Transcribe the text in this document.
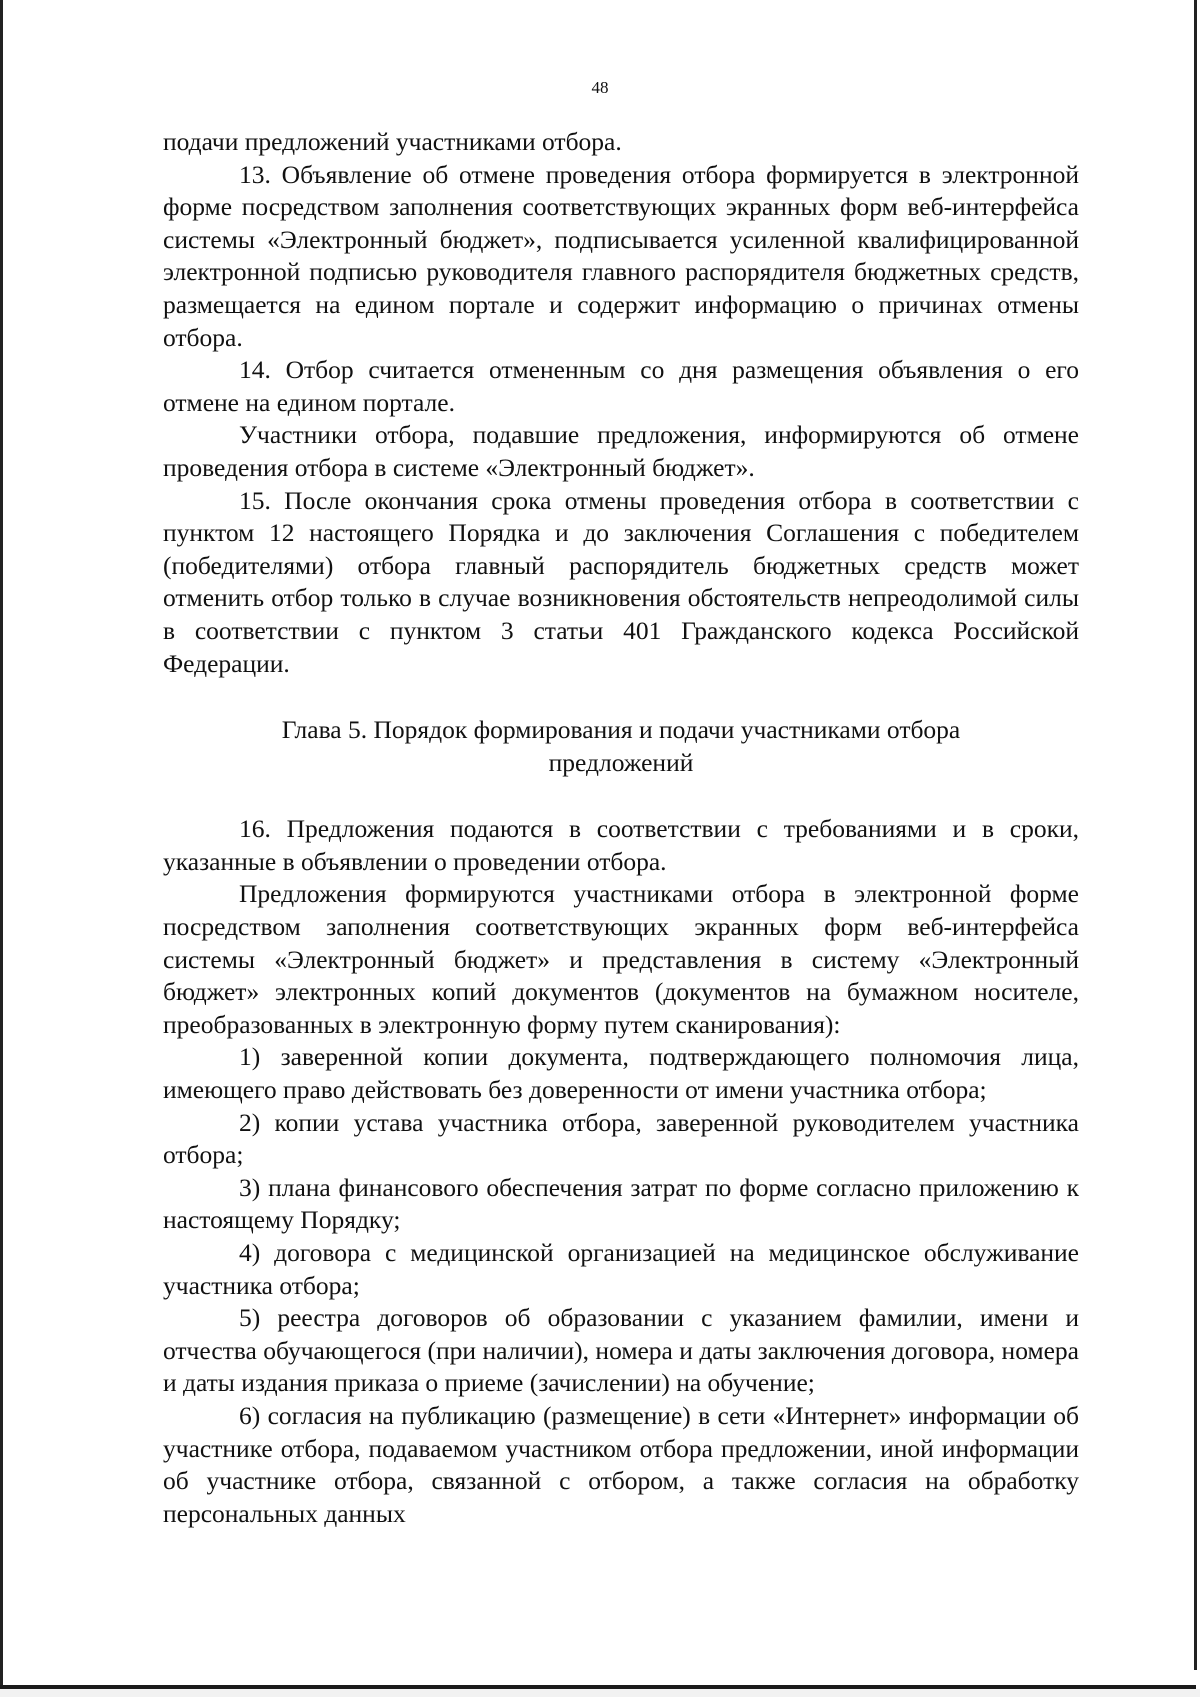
48

подачи предложений участниками отбора.

13. Объявление об отмене проведения отбора формируется в электронной форме посредством заполнения соответствующих экранных форм веб-интерфейса системы «Электронный бюджет», подписывается усиленной квалифицированной электронной подписью руководителя главного распорядителя бюджетных средств, размещается на едином портале и содержит информацию о причинах отмены отбора.

14. Отбор считается отмененным со дня размещения объявления о его отмене на едином портале.

Участники отбора, подавшие предложения, информируются об отмене проведения отбора в системе «Электронный бюджет».

15. После окончания срока отмены проведения отбора в соответствии с пунктом 12 настоящего Порядка и до заключения Соглашения с победителем (победителями) отбора главный распорядитель бюджетных средств может отменить отбор только в случае возникновения обстоятельств непреодолимой силы в соответствии с пунктом 3 статьи 401 Гражданского кодекса Российской Федерации.

Глава 5. Порядок формирования и подачи участниками отбора

предложений

16. Предложения подаются в соответствии с требованиями и в сроки, указанные в объявлении о проведении отбора.

Предложения формируются участниками отбора в электронной форме посредством заполнения соответствующих экранных форм веб-интерфейса системы «Электронный бюджет» и представления в систему «Электронный бюджет» электронных копий документов (документов на бумажном носителе, преобразованных в электронную форму путем сканирования):

1) заверенной копии документа, подтверждающего полномочия лица, имеющего право действовать без доверенности от имени участника отбора;

2) копии устава участника отбора, заверенной руководителем участника отбора;

3) плана финансового обеспечения затрат по форме согласно приложению к настоящему Порядку;

4) договора с медицинской организацией на медицинское обслуживание участника отбора;

5) реестра договоров об образовании с указанием фамилии, имени и отчества обучающегося (при наличии), номера и даты заключения договора, номера и даты издания приказа о приеме (зачислении) на обучение;

6) согласия на публикацию (размещение) в сети «Интернет» информации об участнике отбора, подаваемом участником отбора предложении, иной информации об участнике отбора, связанной с отбором, а также согласия на обработку персональных данных
